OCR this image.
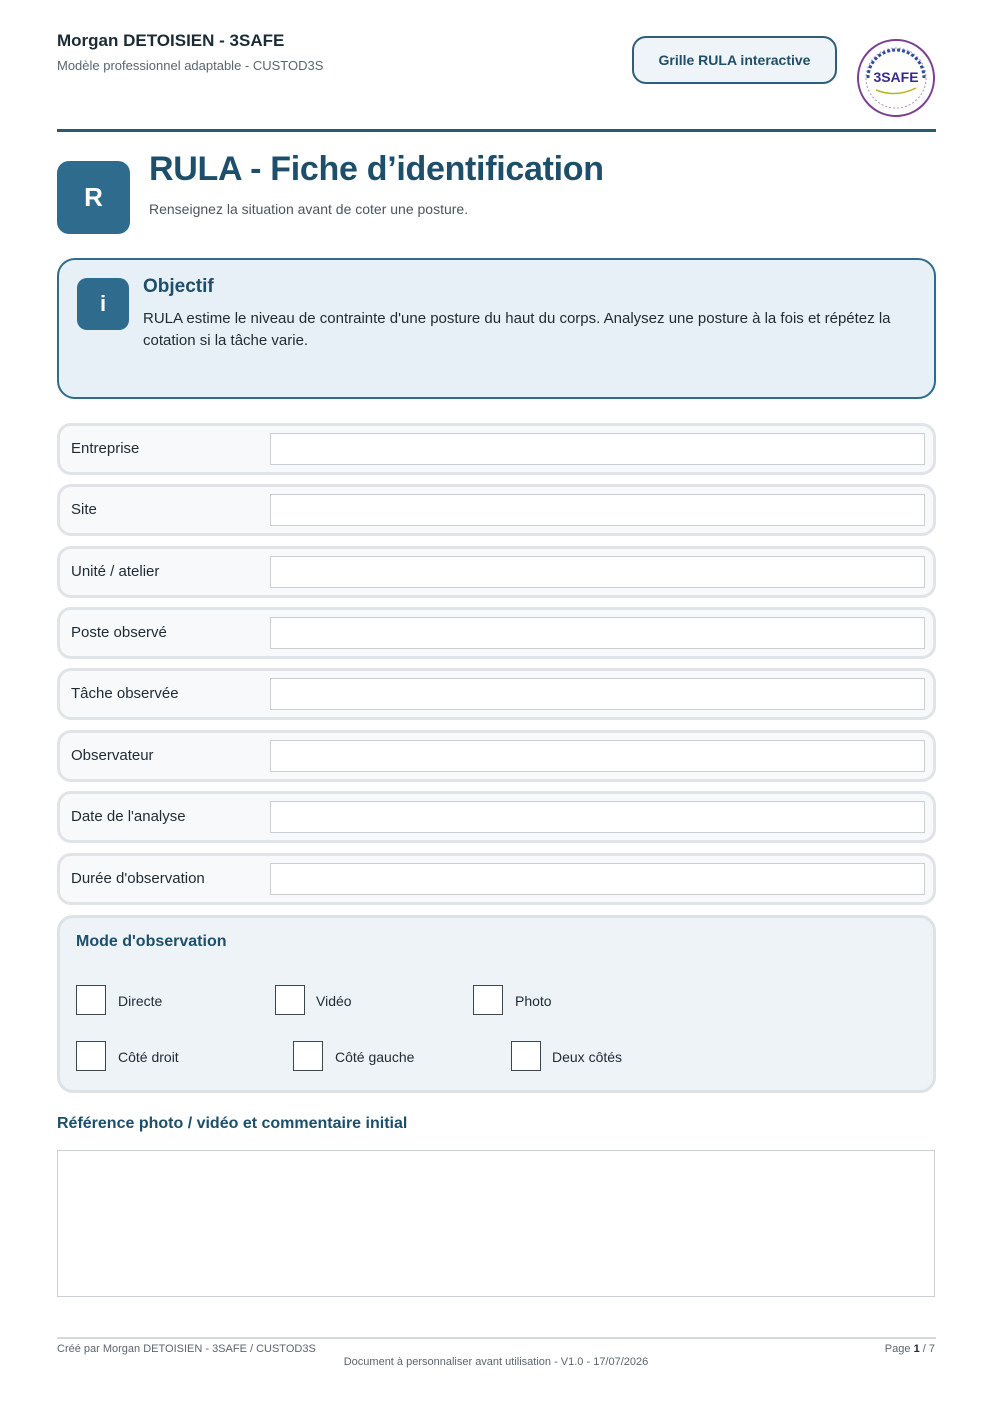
Morgan DETOISIEN - 3SAFE
Modèle professionnel adaptable - CUSTOD3S	Grille RULA interactive
3SAFE
R
RULA - Fiche d’identification
Renseignez la situation avant de coter une posture.
i
Objectif
RULA estime le niveau de contrainte d'une posture du haut du corps. Analysez une posture à la fois et répétez la cotation si la tâche varie.
Entreprise
Site
Unité / atelier
Poste observé
Tâche observée
Observateur
Date de l'analyse
Durée d'observation
Mode d'observation
Directe	Vidéo	Photo
Côté droit	Côté gauche	Deux côtés
Référence photo / vidéo et commentaire initial
Créé par Morgan DETOISIEN - 3SAFE / CUSTOD3S
Document à personnaliser avant utilisation - V1.0 - 17/07/2026
Page 1 / 7
